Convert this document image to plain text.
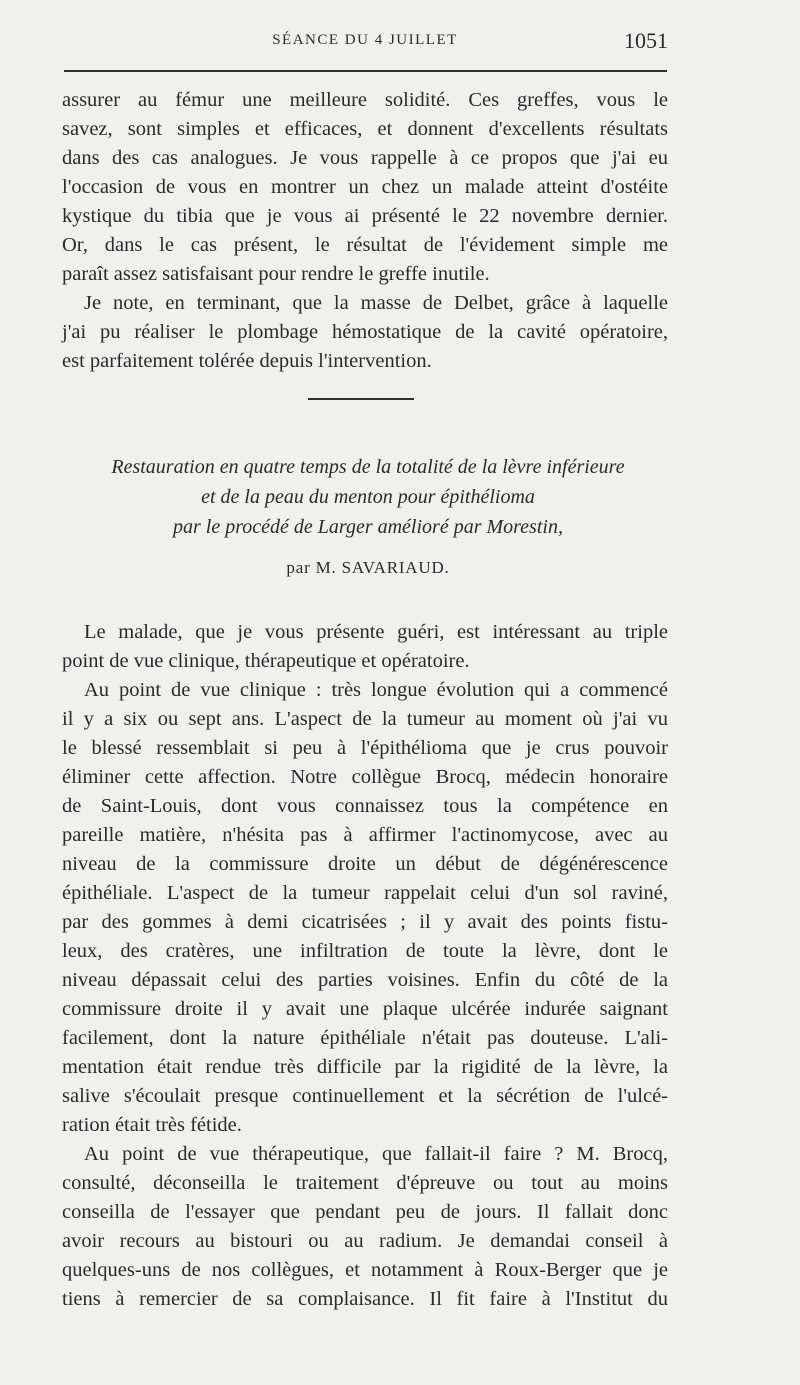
SÉANCE DU 4 JUILLET	1051
assurer au fémur une meilleure solidité. Ces greffes, vous le
savez, sont simples et efficaces, et donnent d'excellents résultats
dans des cas analogues. Je vous rappelle à ce propos que j'ai eu
l'occasion de vous en montrer un chez un malade atteint d'ostéite
kystique du tibia que je vous ai présenté le 22 novembre dernier.
Or, dans le cas présent, le résultat de l'évidement simple me
paraît assez satisfaisant pour rendre le greffe inutile.
Je note, en terminant, que la masse de Delbet, grâce à laquelle
j'ai pu réaliser le plombage hémostatique de la cavité opératoire,
est parfaitement tolérée depuis l'intervention.
Restauration en quatre temps de la totalité de la lèvre inférieure
et de la peau du menton pour épithélioma
par le procédé de Larger amélioré par Morestin,
par M. SAVARIAUD.
Le malade, que je vous présente guéri, est intéressant au triple
point de vue clinique, thérapeutique et opératoire.
Au point de vue clinique : très longue évolution qui a commencé
il y a six ou sept ans. L'aspect de la tumeur au moment où j'ai vu
le blessé ressemblait si peu à l'épithélioma que je crus pouvoir
éliminer cette affection. Notre collègue Brocq, médecin honoraire
de Saint-Louis, dont vous connaissez tous la compétence en
pareille matière, n'hésita pas à affirmer l'actinomycose, avec au
niveau de la commissure droite un début de dégénérescence
épithéliale. L'aspect de la tumeur rappelait celui d'un sol raviné,
par des gommes à demi cicatrisées ; il y avait des points fistu-
leux, des cratères, une infiltration de toute la lèvre, dont le
niveau dépassait celui des parties voisines. Enfin du côté de la
commissure droite il y avait une plaque ulcérée indurée saignant
facilement, dont la nature épithéliale n'était pas douteuse. L'ali-
mentation était rendue très difficile par la rigidité de la lèvre, la
salive s'écoulait presque continuellement et la sécrétion de l'ulcé-
ration était très fétide.
Au point de vue thérapeutique, que fallait-il faire ? M. Brocq,
consulté, déconseilla le traitement d'épreuve ou tout au moins
conseilla de l'essayer que pendant peu de jours. Il fallait donc
avoir recours au bistouri ou au radium. Je demandai conseil à
quelques-uns de nos collègues, et notamment à Roux-Berger que je
tiens à remercier de sa complaisance. Il fit faire à l'Institut du
